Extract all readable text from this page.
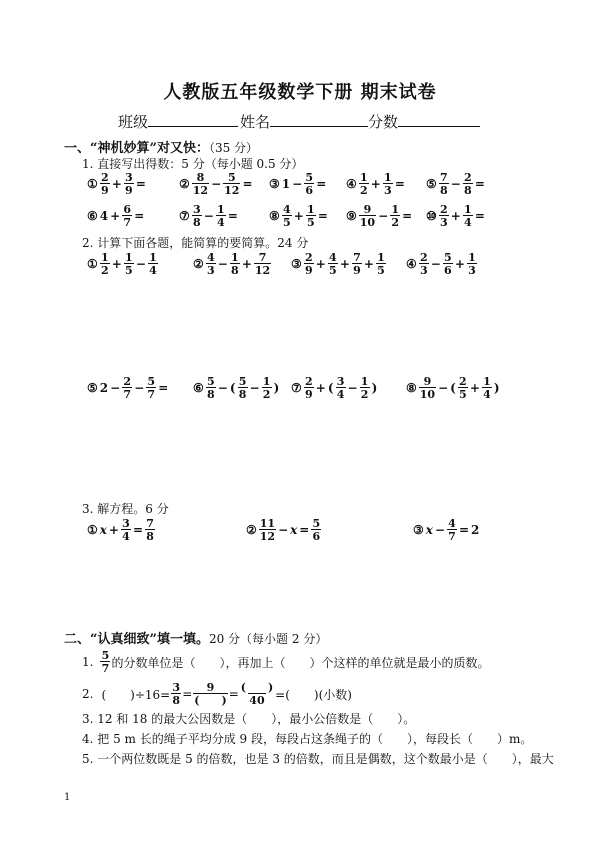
人教版五年级数学下册 期末试卷
班级	姓名	分数
一、“神机妙算”对又快：（35 分）
1. 直接写出得数：5 分（每小题 0.5 分）
① $\frac{2}{9} + \frac{3}{9}$ =	② $\frac{8}{12} - \frac{5}{12}$ = ③ $1 - \frac{5}{6}$ = ④ $\frac{1}{2} + \frac{1}{3}$ = ⑤ $\frac{7}{8} - \frac{2}{8}$ =
⑥ $4 + \frac{6}{7}$ =	⑦ $\frac{3}{8} - \frac{1}{4}$ =	⑧ $\frac{4}{5} + \frac{1}{5}$ = ⑨ $\frac{9}{10} - \frac{1}{2}$ = ⑩ $\frac{2}{3} + \frac{1}{4}$ =
2. 计算下面各题，能简算的要简算。24 分
① $\frac{1}{2} + \frac{1}{5} - \frac{1}{4}$	② $\frac{4}{3} - \frac{1}{8} + \frac{7}{12}$ ③ $\frac{2}{9} + \frac{4}{5} + \frac{7}{9} + \frac{1}{5}$ ④ $\frac{2}{3} - \frac{5}{6} + \frac{1}{3}$
⑤ $2 - \frac{2}{7} - \frac{5}{7}$ = ⑥ $\frac{5}{8}$ − ( $\frac{5}{8} - \frac{1}{2}$ ) ⑦ $\frac{2}{9}$ + ( $\frac{3}{4} - \frac{1}{2}$ ) ⑧ $\frac{9}{10}$ − ( $\frac{2}{5} + \frac{1}{4}$ )
3. 解方程。6 分
① $x + \frac{3}{4} = \frac{7}{8}$	② $\frac{11}{12} - x = \frac{5}{6}$	③ $x - \frac{4}{7} = 2$
二、“认真细致”填一填。20 分（每小题 2 分）
1. 5
7 的分数单位是（　　），再加上（　　）个这样的单位就是最小的质数。
2. (　　)$\div 16= \frac{3}{8} = 9$
(　　) = (　　)
40 =(　　)(小数)
3. 12 和 18 的最大公因数是（　　），最小公倍数是（　　）。
4. 把 5 m 长的绳子平均分成 9 段，每段占这条绳子的（　　），每段长（　　）m。
5. 一个两位数既是 5 的倍数，也是 3 的倍数，而且是偶数，这个数最小是（　　），最大
1
